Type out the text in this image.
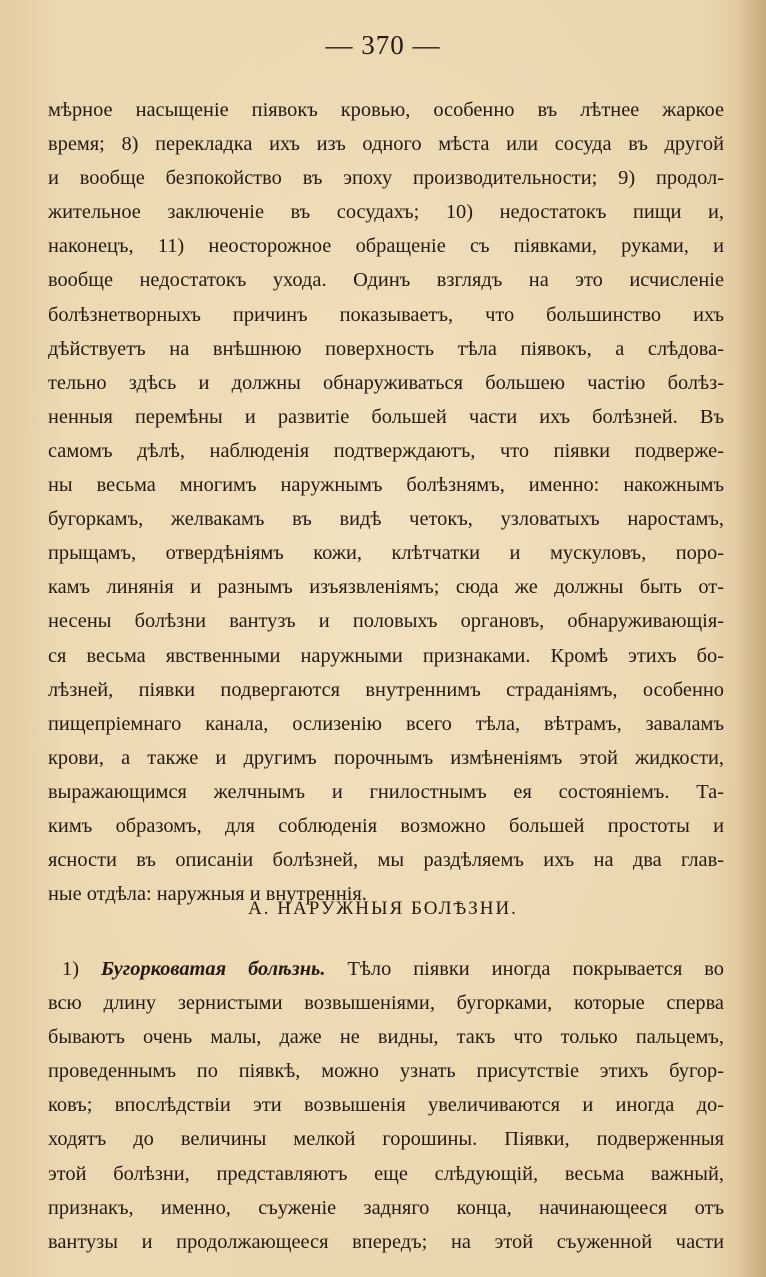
— 370 —
мѣрное насыщеніе піявокъ кровью, особенно въ лѣтнее жаркое
время; 8) перекладка ихъ изъ одного мѣста или сосуда въ другой
и вообще безпокойство въ эпоху производительности; 9) продол-
жительное заключеніе въ сосудахъ; 10) недостатокъ пищи и,
наконецъ, 11) неосторожное обращеніе съ піявками, руками, и
вообще недостатокъ ухода. Одинъ взглядъ на это исчисленіе
болѣзнетворныхъ причинъ показываетъ, что большинство ихъ
дѣйствуетъ на внѣшнюю поверхность тѣла піявокъ, а слѣдова-
тельно здѣсь и должны обнаруживаться большею частію болѣз-
ненныя перемѣны и развитіе большей части ихъ болѣзней. Въ
самомъ дѣлѣ, наблюденія подтверждаютъ, что піявки подверже-
ны весьма многимъ наружнымъ болѣзнямъ, именно: накожнымъ
бугоркамъ, желвакамъ въ видѣ четокъ, узловатыхъ наростамъ,
прыщамъ, отвердѣніямъ кожи, клѣтчатки и мускуловъ, поро-
камъ линянія и разнымъ изъязвленіямъ; сюда же должны быть от-
несены болѣзни вантузъ и половыхъ органовъ, обнаруживающія-
ся весьма явственными наружными признаками. Кромѣ этихъ бо-
лѣзней, піявки подвергаются внутреннимъ страданіямъ, особенно
пищепріемнаго канала, ослизенію всего тѣла, вѣтрамъ, заваламъ
крови, а также и другимъ порочнымъ измѣненіямъ этой жидкости,
выражающимся желчнымъ и гнилостнымъ ея состояніемъ. Та-
кимъ образомъ, для соблюденія возможно большей простоты и
ясности въ описаніи болѣзней, мы раздѣляемъ ихъ на два глав-
ные отдѣла: наружныя и внутреннія.
А. НАРУЖНЫЯ БОЛѢЗНИ.
1) Бугорковатая болѣзнь. Тѣло піявки иногда покрывается во
всю длину зернистыми возвышеніями, бугорками, которые сперва
бываютъ очень малы, даже не видны, такъ что только пальцемъ,
проведеннымъ по піявкѣ, можно узнать присутствіе этихъ бугор-
ковъ; впослѣдствіи эти возвышенія увеличиваются и иногда до-
ходятъ до величины мелкой горошины. Піявки, подверженныя
этой болѣзни, представляютъ еще слѣдующій, весьма важный,
признакъ, именно, съуженіе задняго конца, начинающееся отъ
вантузы и продолжающееся впередъ; на этой съуженной части
